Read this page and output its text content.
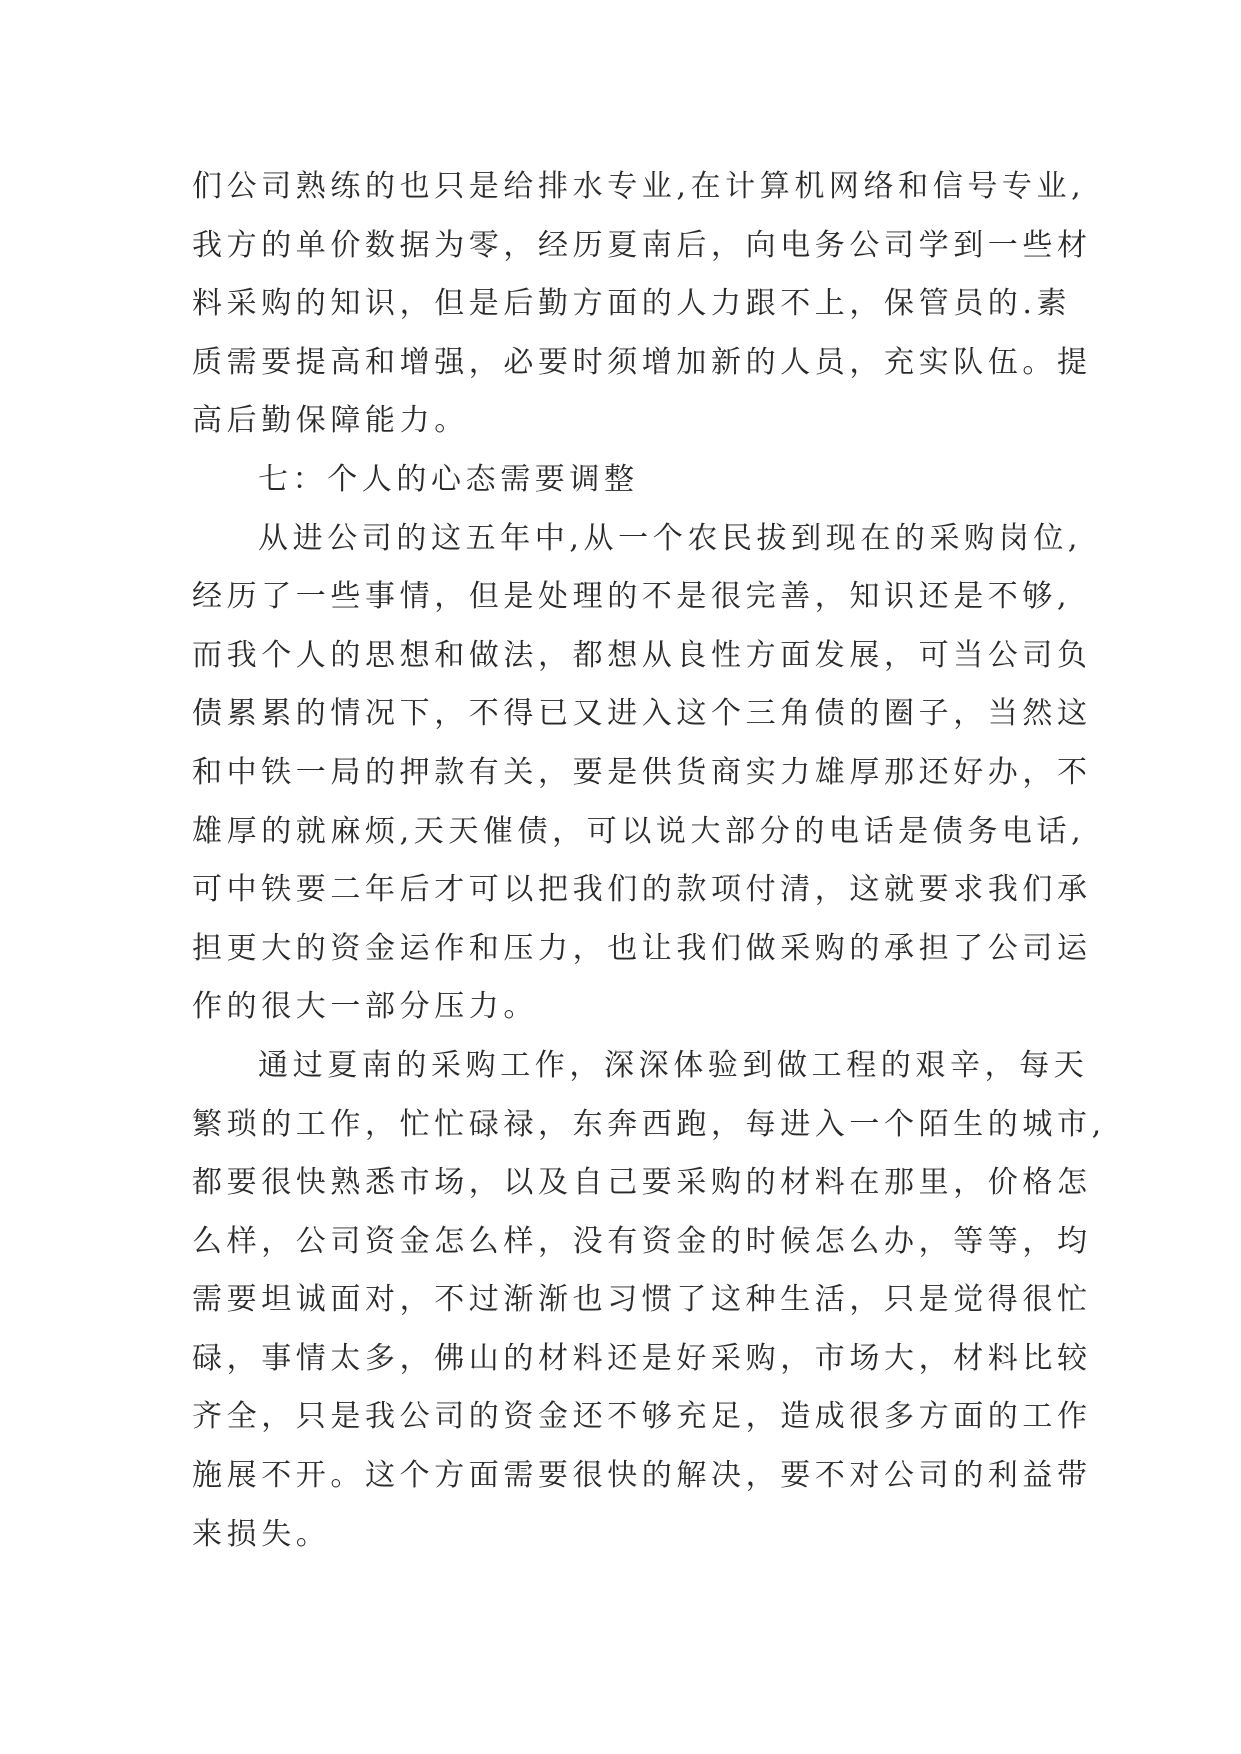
们公司熟练的也只是给排水专业,在计算机网络和信号专业,
我方的单价数据为零，经历夏南后，向电务公司学到一些材
料采购的知识，但是后勤方面的人力跟不上，保管员的.素
质需要提高和增强，必要时须增加新的人员，充实队伍。提
高后勤保障能力。
七：个人的心态需要调整
从进公司的这五年中,从一个农民拔到现在的采购岗位,
经历了一些事情，但是处理的不是很完善，知识还是不够,
而我个人的思想和做法，都想从良性方面发展，可当公司负
债累累的情况下，不得已又进入这个三角债的圈子，当然这
和中铁一局的押款有关，要是供货商实力雄厚那还好办，不
雄厚的就麻烦,天天催债，可以说大部分的电话是债务电话,
可中铁要二年后才可以把我们的款项付清，这就要求我们承
担更大的资金运作和压力，也让我们做采购的承担了公司运
作的很大一部分压力。
通过夏南的采购工作，深深体验到做工程的艰辛，每天
繁琐的工作，忙忙碌禄，东奔西跑，每进入一个陌生的城市,
都要很快熟悉市场，以及自己要采购的材料在那里，价格怎
么样，公司资金怎么样，没有资金的时候怎么办，等等，均
需要坦诚面对，不过渐渐也习惯了这种生活，只是觉得很忙
碌，事情太多，佛山的材料还是好采购，市场大，材料比较
齐全，只是我公司的资金还不够充足，造成很多方面的工作
施展不开。这个方面需要很快的解决，要不对公司的利益带
来损失。
